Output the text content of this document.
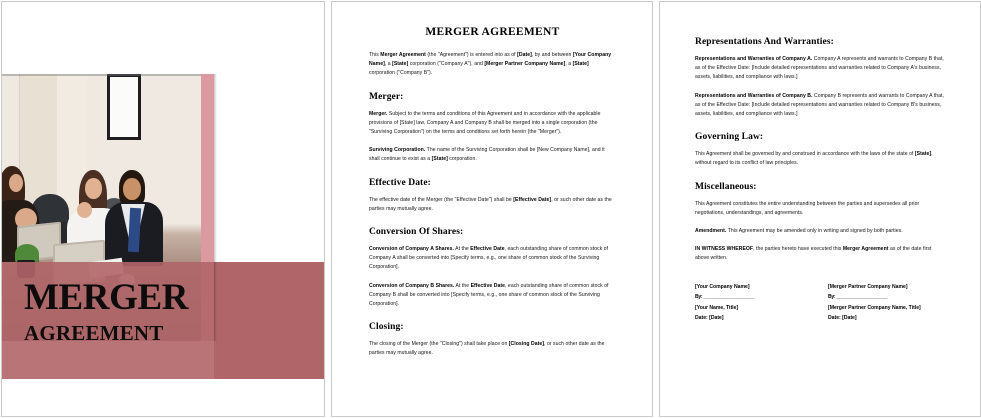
MERGER
AGREEMENT
MERGER AGREEMENT

This Merger Agreement (the "Agreement") is entered into as of [Date], by and between [Your Company Name], a [State] corporation ("Company A"), and [Merger Partner Company Name], a [State] corporation ("Company B").

Merger:

Merger. Subject to the terms and conditions of this Agreement and in accordance with the applicable provisions of [State] law, Company A and Company B shall be merged into a single corporation (the "Surviving Corporation") on the terms and conditions set forth herein (the "Merger").

Surviving Corporation. The name of the Surviving Corporation shall be [New Company Name], and it shall continue to exist as a [State] corporation.

Effective Date:

The effective date of the Merger (the "Effective Date") shall be [Effective Date], or such other date as the parties may mutually agree.

Conversion Of Shares:

Conversion of Company A Shares. At the Effective Date, each outstanding share of common stock of Company A shall be converted into [Specify terms, e.g., one share of common stock of the Surviving Corporation].

Conversion of Company B Shares. At the Effective Date, each outstanding share of common stock of Company B shall be converted into [Specify terms, e.g., one share of common stock of the Surviving Corporation].

Closing:

The closing of the Merger (the "Closing") shall take place on [Closing Date], or such other date as the parties may mutually agree.

Representations And Warranties:

Representations and Warranties of Company A. Company A represents and warrants to Company B that, as of the Effective Date: [Include detailed representations and warranties related to Company A's business, assets, liabilities, and compliance with laws.]

Representations and Warranties of Company B. Company B represents and warrants to Company A that, as of the Effective Date: [Include detailed representations and warranties related to Company B's business, assets, liabilities, and compliance with laws.]

Governing Law:

This Agreement shall be governed by and construed in accordance with the laws of the state of [State], without regard to its conflict of law principles.

Miscellaneous:

This Agreement constitutes the entire understanding between the parties and supersedes all prior negotiations, understandings, and agreements.

Amendment. This Agreement may be amended only in writing and signed by both parties.

IN WITNESS WHEREOF, the parties hereto have executed this Merger Agreement as of the date first above written.

[Your Company Name]
By: ____________________
[Your Name, Title]
Date: [Date]
[Merger Partner Company Name]
By: ____________________
[Merger Partner Company Name, Title]
Date: [Date]
